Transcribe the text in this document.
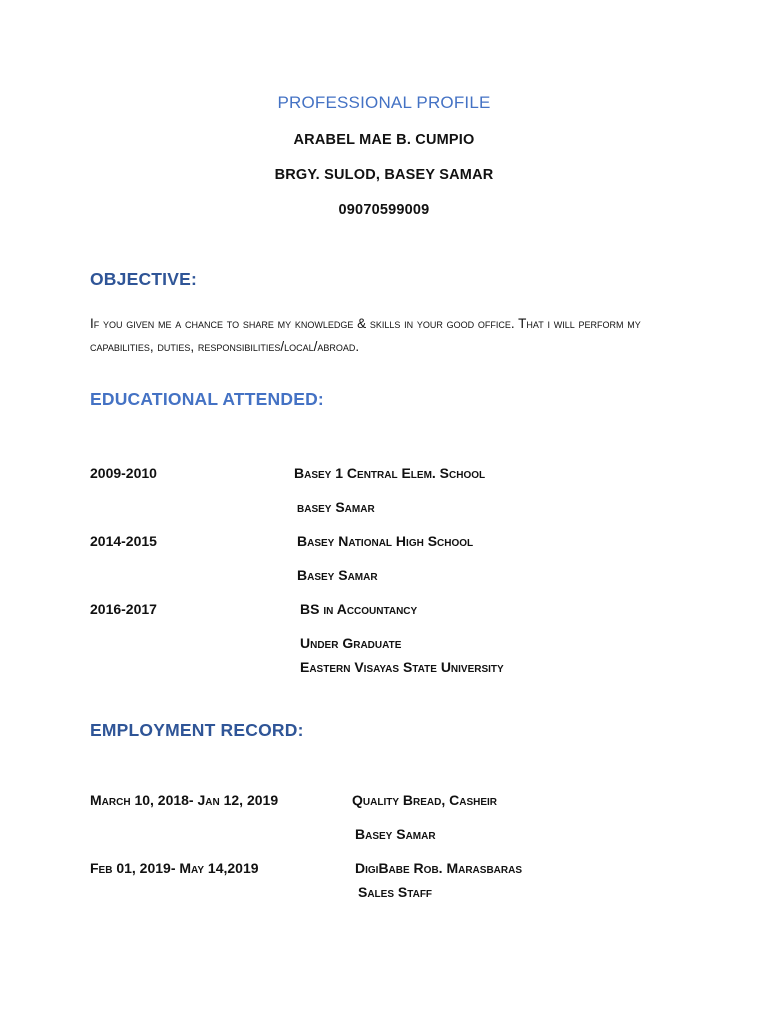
PROFESSIONAL PROFILE
ARABEL MAE B. CUMPIO
BRGY. SULOD, BASEY SAMAR
09070599009
OBJECTIVE:
If you given me a chance to share my knowledge & skills in your good office. That i will perform my capabilities, duties, responsibilities/local/abroad.
EDUCATIONAL ATTENDED:
2009-2010	Basey 1 Central Elem. School
basey Samar
2014-2015	Basey National High School
Basey Samar
2016-2017	BS in Accountancy
Under Graduate
Eastern Visayas State University
EMPLOYMENT RECORD:
March 10, 2018- Jan 12, 2019	Quality Bread, Casheir
Basey Samar
Feb 01, 2019- May 14,2019	DigiBabe Rob. Marasbaras
Sales Staff
